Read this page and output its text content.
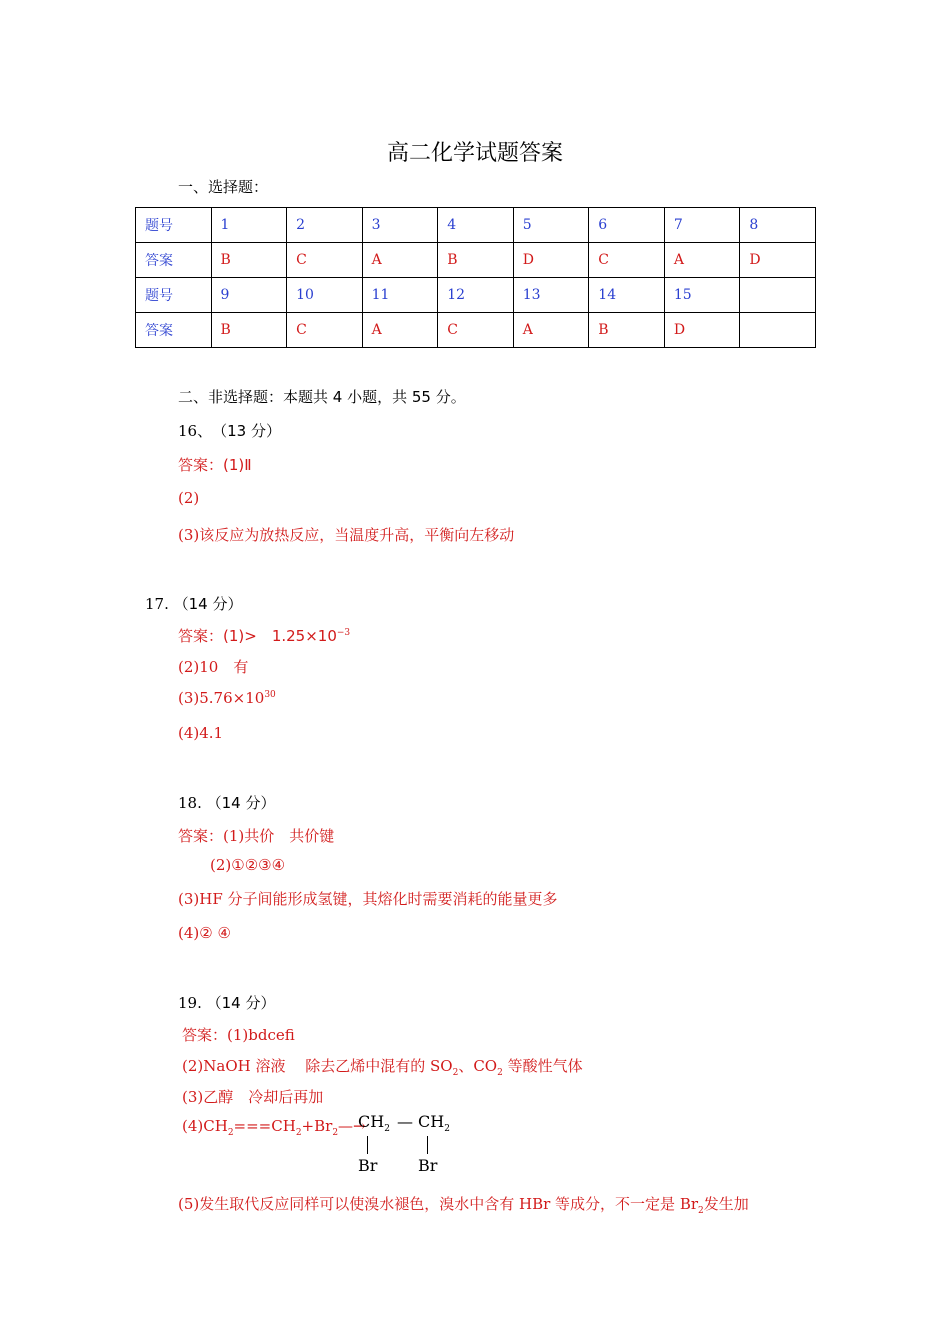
高二化学试题答案
一、选择题：
题号	1	2	3	4	5	6	7	8
答案	B	C	A	B	D	C	A	D
题号	9	10	11	12	13	14	15	
答案	B	C	A	C	A	B	D	
二、非选择题：本题共 4 小题，共 55 分。
16、　 （13 分）
答案：(1)Ⅱ
(2)
(3)该反应为放热反应，当温度升高，平衡向左移动
17. （14 分）
答案：(1)>　$1.25\times 10^{-3}$
(2)10　有
$(3)5.76\times 10^{30}$
(4)4.1
18. （14 分）
答案：(1)共价　共价键
(2)①②③④
(3)HF 分子间能形成氢键，其熔化时需要消耗的能量更多
(4)② ④
19. （14 分）
答案：(1)bdcefi
(2)NaOH 溶液　 除去乙烯中混有的 $SO_2$、$CO_2$ 等酸性气体
(3)乙醇　冷却后再加
$(4)CH_2===CH_2+Br_2—\to$
$CH_2$ — $CH_2$
Br	Br
(5)发生取代反应同样可以使溴水褪色，溴水中含有 HBr 等成分，不一定是 $Br_2$发生加
